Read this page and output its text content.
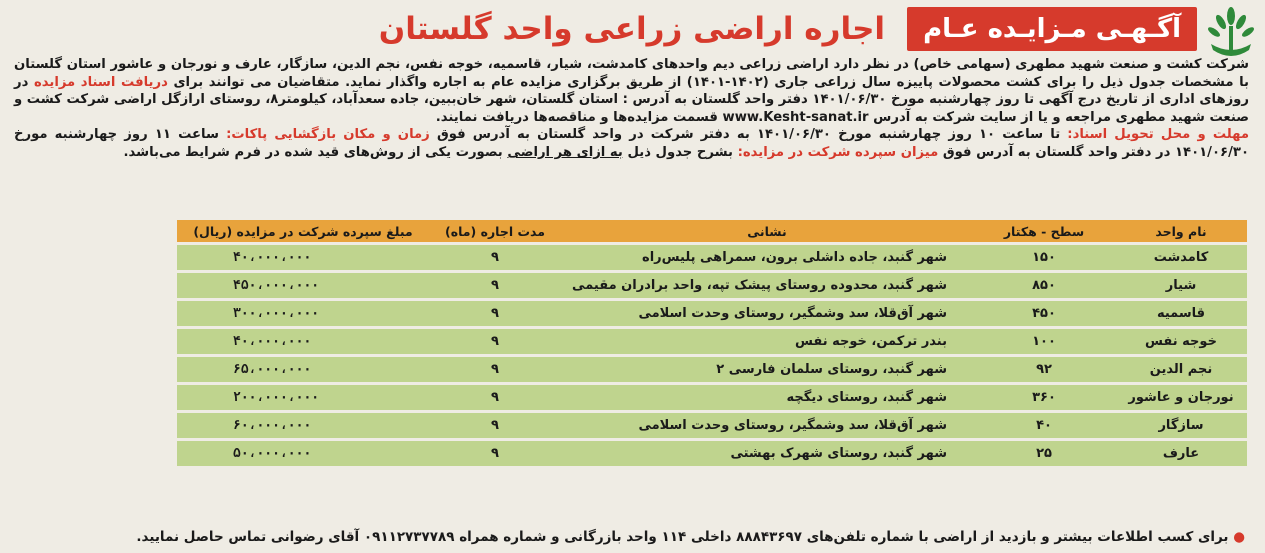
آگـهـی مـزایـده عـام
اجاره اراضی زراعی واحد گلستان

شرکت کشت و صنعت شهید مطهری (سهامی خاص) در نظر دارد اراضی زراعی دیم واحدهای کامدشت، شیار، قاسمیه، خوجه نفس، نجم الدین، سازگار، عارف و نورجان و عاشور استان گلستان با مشخصات جدول ذیل را برای کشت محصولات پاییزه سال زراعی جاری (۱۴۰۲-۱۴۰۱) از طریق برگزاری مزایده عام به اجاره واگذار نماید. متقاضیان می توانند برای دریافت اسناد مزایده در روزهای اداری از تاریخ درج آگهی تا روز چهارشنبه مورخ ۱۴۰۱/۰۶/۳۰ دفتر واحد گلستان به آدرس : استان گلستان، شهر خان‌ببین، جاده سعدآباد، کیلومتر۸، روستای ارازگل اراضی شرکت کشت و صنعت شهید مطهری مراجعه و یا از سایت شرکت به آدرس www.Kesht-sanat.ir قسمت مزایده‌ها و مناقصه‌ها دریافت نمایند.

مهلت و محل تحویل اسناد: تا ساعت ۱۰ روز چهارشنبه مورخ ۱۴۰۱/۰۶/۳۰ به دفتر شرکت در واحد گلستان به آدرس فوق زمان و مکان بازگشایی پاکات: ساعت ۱۱ روز چهارشنبه مورخ ۱۴۰۱/۰۶/۳۰ در دفتر واحد گلستان به آدرس فوق میزان سپرده شرکت در مزایده: بشرح جدول ذیل به ازای هر اراضی بصورت یکی از روش‌های قید شده در فرم شرایط می‌باشد.

نام واحد	سطح - هکتار	نشانی	مدت اجاره (ماه)	مبلغ سپرده شرکت در مزایده (ریال)
کامدشت	۱۵۰	شهر گنبد، جاده داشلی برون، سمراهی پلیس‌راه	۹	۴۰،۰۰۰،۰۰۰
شیار	۸۵۰	شهر گنبد، محدوده روستای پیشک تپه، واحد برادران مقیمی	۹	۴۵۰،۰۰۰،۰۰۰
قاسمیه	۴۵۰	شهر آق‌قلا، سد وشمگیر، روستای وحدت اسلامی	۹	۳۰۰،۰۰۰،۰۰۰
خوجه نفس	۱۰۰	بندر ترکمن، خوجه نفس	۹	۴۰،۰۰۰،۰۰۰
نجم الدین	۹۲	شهر گنبد، روستای سلمان فارسی ۲	۹	۶۵،۰۰۰،۰۰۰
نورجان و عاشور	۳۶۰	شهر گنبد، روستای دیگچه	۹	۲۰۰،۰۰۰،۰۰۰
سازگار	۴۰	شهر آق‌قلا، سد وشمگیر، روستای وحدت اسلامی	۹	۶۰،۰۰۰،۰۰۰
عارف	۲۵	شهر گنبد، روستای شهرک بهشتی	۹	۵۰،۰۰۰،۰۰۰
● برای کسب اطلاعات بیشتر و بازدید از اراضی با شماره تلفن‌های ۸۸۸۴۳۶۹۷ داخلی ۱۱۴ واحد بازرگانی و شماره همراه ۰۹۱۱۲۷۳۷۷۸۹ آقای رضوانی تماس حاصل نمایید.
